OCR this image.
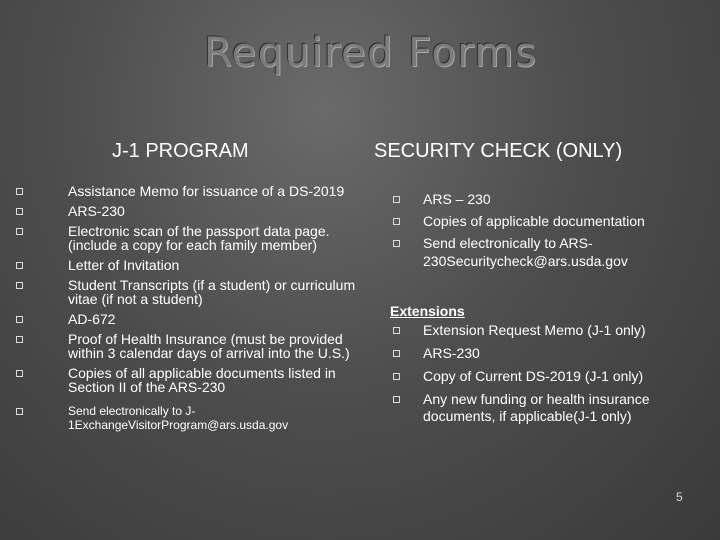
Required Forms
J-1 PROGRAM	SECURITY CHECK (ONLY)
Assistance Memo for issuance of a DS-2019
ARS-230
Electronic scan of the passport data page. (include a copy for each family member)
Letter of Invitation
Student Transcripts (if a student) or curriculum vitae (if not a student)
AD-672
Proof of Health Insurance (must be provided within 3 calendar days of arrival into the U.S.)
Copies of all applicable documents listed in Section II of the ARS-230
Send electronically to J-1ExchangeVisitorProgram@ars.usda.gov
ARS – 230
Copies of applicable documentation
Send electronically to ARS-230Securitycheck@ars.usda.gov
Extensions
Extension Request Memo (J-1 only)
ARS-230
Copy of Current DS-2019 (J-1 only)
Any new funding or health insurance documents, if applicable(J-1 only)
5
